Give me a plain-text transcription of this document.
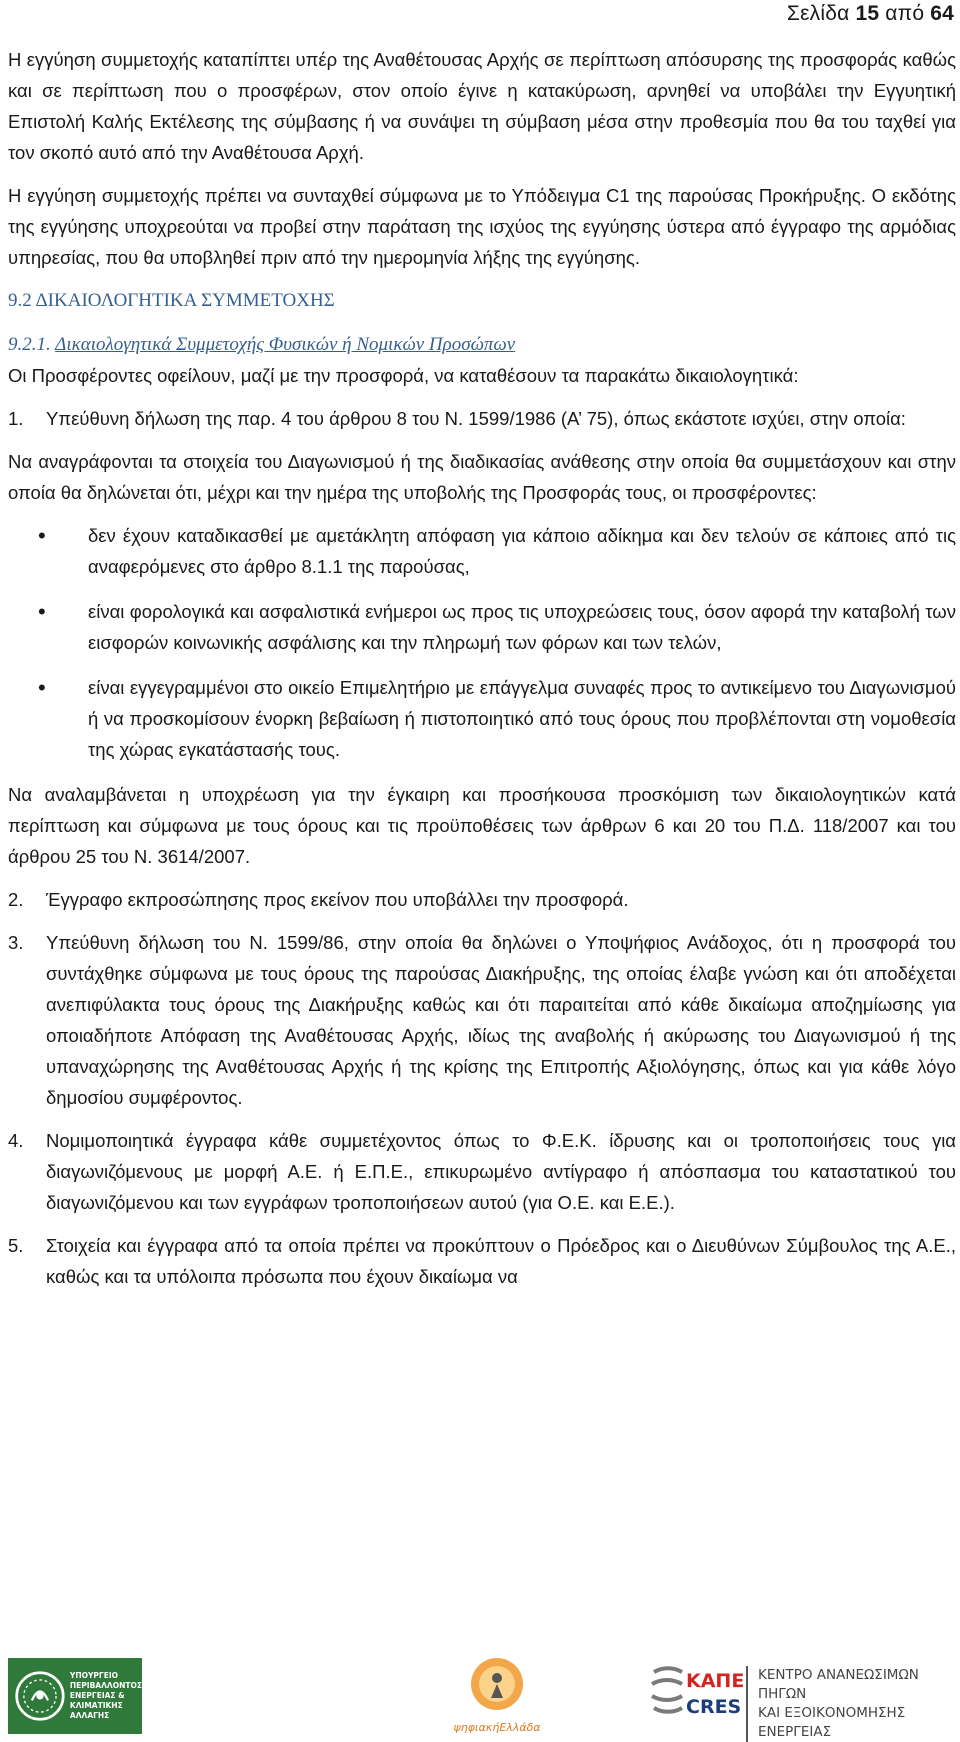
Σελίδα 15 από 64

Η εγγύηση συμμετοχής καταπίπτει υπέρ της Αναθέτουσας Αρχής σε περίπτωση απόσυρσης της προσφοράς καθώς και σε περίπτωση που ο προσφέρων, στον οποίο έγινε η κατακύρωση, αρνηθεί να υποβάλει την Εγγυητική Επιστολή Καλής Εκτέλεσης της σύμβασης ή να συνάψει τη σύμβαση μέσα στην προθεσμία που θα του ταχθεί για τον σκοπό αυτό από την Αναθέτουσα Αρχή.

Η εγγύηση συμμετοχής πρέπει να συνταχθεί σύμφωνα με το Υπόδειγμα C1 της παρούσας Προκήρυξης. Ο εκδότης της εγγύησης υποχρεούται να προβεί στην παράταση της ισχύος της εγγύησης ύστερα από έγγραφο της αρμόδιας υπηρεσίας, που θα υποβληθεί πριν από την ημερομηνία λήξης της εγγύησης.

9.2 ΔΙΚΑΙΟΛΟΓΗΤΙΚΑ ΣΥΜΜΕΤΟΧΗΣ
9.2.1. Δικαιολογητικά Συμμετοχής Φυσικών ή Νομικών Προσώπων

Οι Προσφέροντες οφείλουν, μαζί με την προσφορά, να καταθέσουν τα παρακάτω δικαιολογητικά:

1.	Υπεύθυνη δήλωση της παρ. 4 του άρθρου 8 του Ν. 1599/1986 (Α’ 75), όπως εκάστοτε ισχύει, στην οποία:

Να αναγράφονται τα στοιχεία του Διαγωνισμού ή της διαδικασίας ανάθεσης στην οποία θα συμμετάσχουν και στην οποία θα δηλώνεται ότι, μέχρι και την ημέρα της υποβολής της Προσφοράς τους, οι προσφέροντες:

•	δεν έχουν καταδικασθεί με αμετάκλητη απόφαση για κάποιο αδίκημα και δεν τελούν σε κάποιες από τις αναφερόμενες στο άρθρο 8.1.1 της παρούσας,
•	είναι φορολογικά και ασφαλιστικά ενήμεροι ως προς τις υποχρεώσεις τους, όσον αφορά την καταβολή των εισφορών κοινωνικής ασφάλισης και την πληρωμή των φόρων και των τελών,
•	είναι εγγεγραμμένοι στο οικείο Επιμελητήριο με επάγγελμα συναφές προς το αντικείμενο του Διαγωνισμού ή να προσκομίσουν ένορκη βεβαίωση ή πιστοποιητικό από τους όρους που προβλέπονται στη νομοθεσία της χώρας εγκατάστασής τους.

Να αναλαμβάνεται η υποχρέωση για την έγκαιρη και προσήκουσα προσκόμιση των δικαιολογητικών κατά περίπτωση και σύμφωνα με τους όρους και τις προϋποθέσεις των άρθρων 6 και 20 του Π.Δ. 118/2007 και του άρθρου 25 του Ν. 3614/2007.

2.	Έγγραφο εκπροσώπησης προς εκείνον που υποβάλλει την προσφορά.
3.	Υπεύθυνη δήλωση του Ν. 1599/86, στην οποία θα δηλώνει ο Υποψήφιος Ανάδοχος, ότι η προσφορά του συντάχθηκε σύμφωνα με τους όρους της παρούσας Διακήρυξης, της οποίας έλαβε γνώση και ότι αποδέχεται ανεπιφύλακτα τους όρους της Διακήρυξης καθώς και ότι παραιτείται από κάθε δικαίωμα αποζημίωσης για οποιαδήποτε Απόφαση της Αναθέτουσας Αρχής, ιδίως της αναβολής ή ακύρωσης του Διαγωνισμού ή της υπαναχώρησης της Αναθέτουσας Αρχής ή της κρίσης της Επιτροπής Αξιολόγησης, όπως και για κάθε λόγο δημοσίου συμφέροντος.
4.	Νομιμοποιητικά έγγραφα κάθε συμμετέχοντος όπως το Φ.Ε.Κ. ίδρυσης και οι τροποποιήσεις τους για διαγωνιζόμενους με μορφή Α.Ε. ή Ε.Π.Ε., επικυρωμένο αντίγραφο ή απόσπασμα του καταστατικού του διαγωνιζόμενου και των εγγράφων τροποποιήσεων αυτού (για Ο.Ε. και Ε.Ε.).
5.	Στοιχεία και έγγραφα από τα οποία πρέπει να προκύπτουν ο Πρόεδρος και ο Διευθύνων Σύμβουλος της Α.Ε., καθώς και τα υπόλοιπα πρόσωπα που έχουν δικαίωμα να
ΥΠΟΥΡΓΕΙΟ
ΠΕΡΙΒΑΛΛΟΝΤΟΣ
ΕΝΕΡΓΕΙΑΣ &
ΚΛΙΜΑΤΙΚΗΣ
ΑΛΛΑΓΗΣ
ψηφιακήΕλλάδα
ΚΑΠΕ
CRES
ΚΕΝΤΡΟ ΑΝΑΝΕΩΣΙΜΩΝ ΠΗΓΩΝ
ΚΑΙ ΕΞΟΙΚΟΝΟΜΗΣΗΣ ΕΝΕΡΓΕΙΑΣ
